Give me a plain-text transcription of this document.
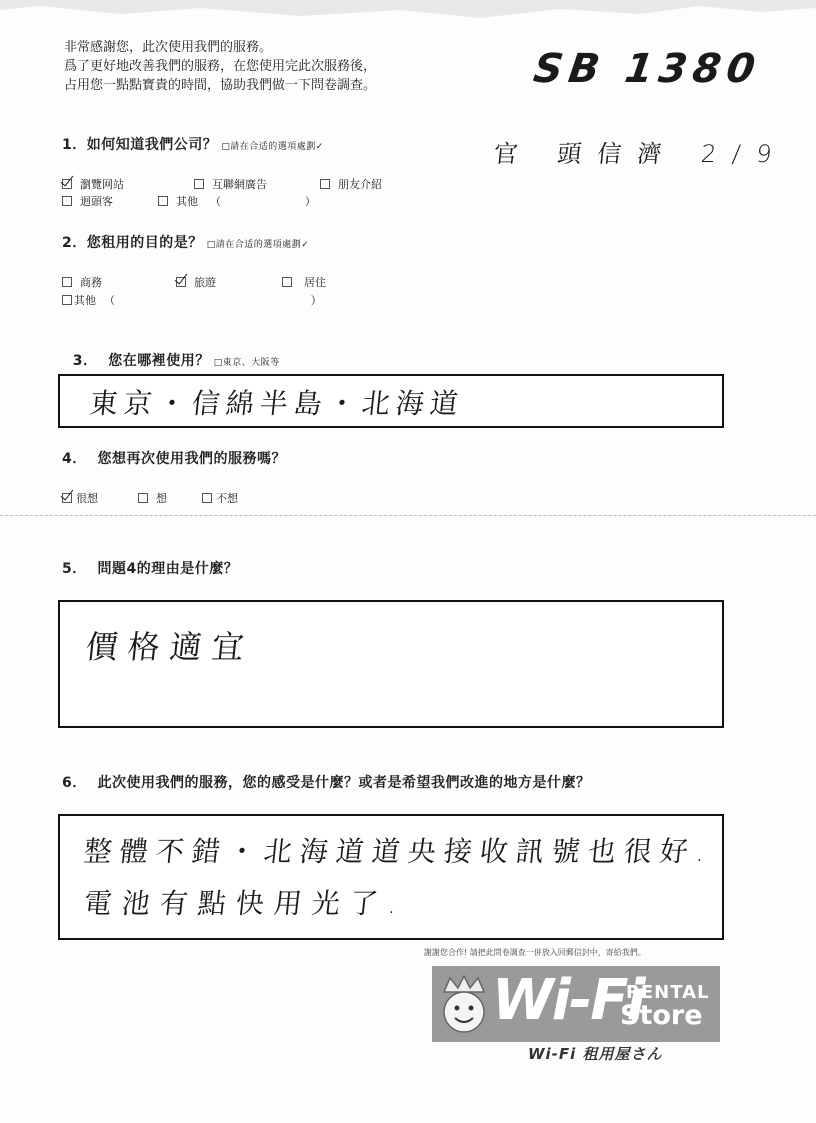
SB 1380
非常感謝您，此次使用我們的服務。
爲了更好地改善我們的服務，在您使用完此次服務後，
占用您一點點寶貴的時間，協助我們做一下問卷調查。
1．如何知道我們公司？ □請在合适的選項處劃✓	官 頭信濟 2/9
瀏覽网站	互聯網廣告	朋友介紹
迴頭客	其他 （                        ）
2．您租用的目的是？ □請在合适的選項處劃✓
商務	旅遊	居住
其他 （                                                        ）

3．  您在哪裡使用？ □東京、大阪等

東京・信綿半島・北海道
4．  您想再次使用我們的服務嗎？
很想	想	不想
5．  問題4的理由是什麼？
價格適宜
6．  此次使用我們的服務，您的感受是什麼？或者是希望我們改進的地方是什麼？
整體不錯・北海道道央接收訊號也很好.
電池有點快用光了.
謝謝您合作! 請把此問卷調查一併放入回郵信封中，寄給我們。
Wi-Fi
RENTAL
Store
Wi-Fi 租用屋さん
